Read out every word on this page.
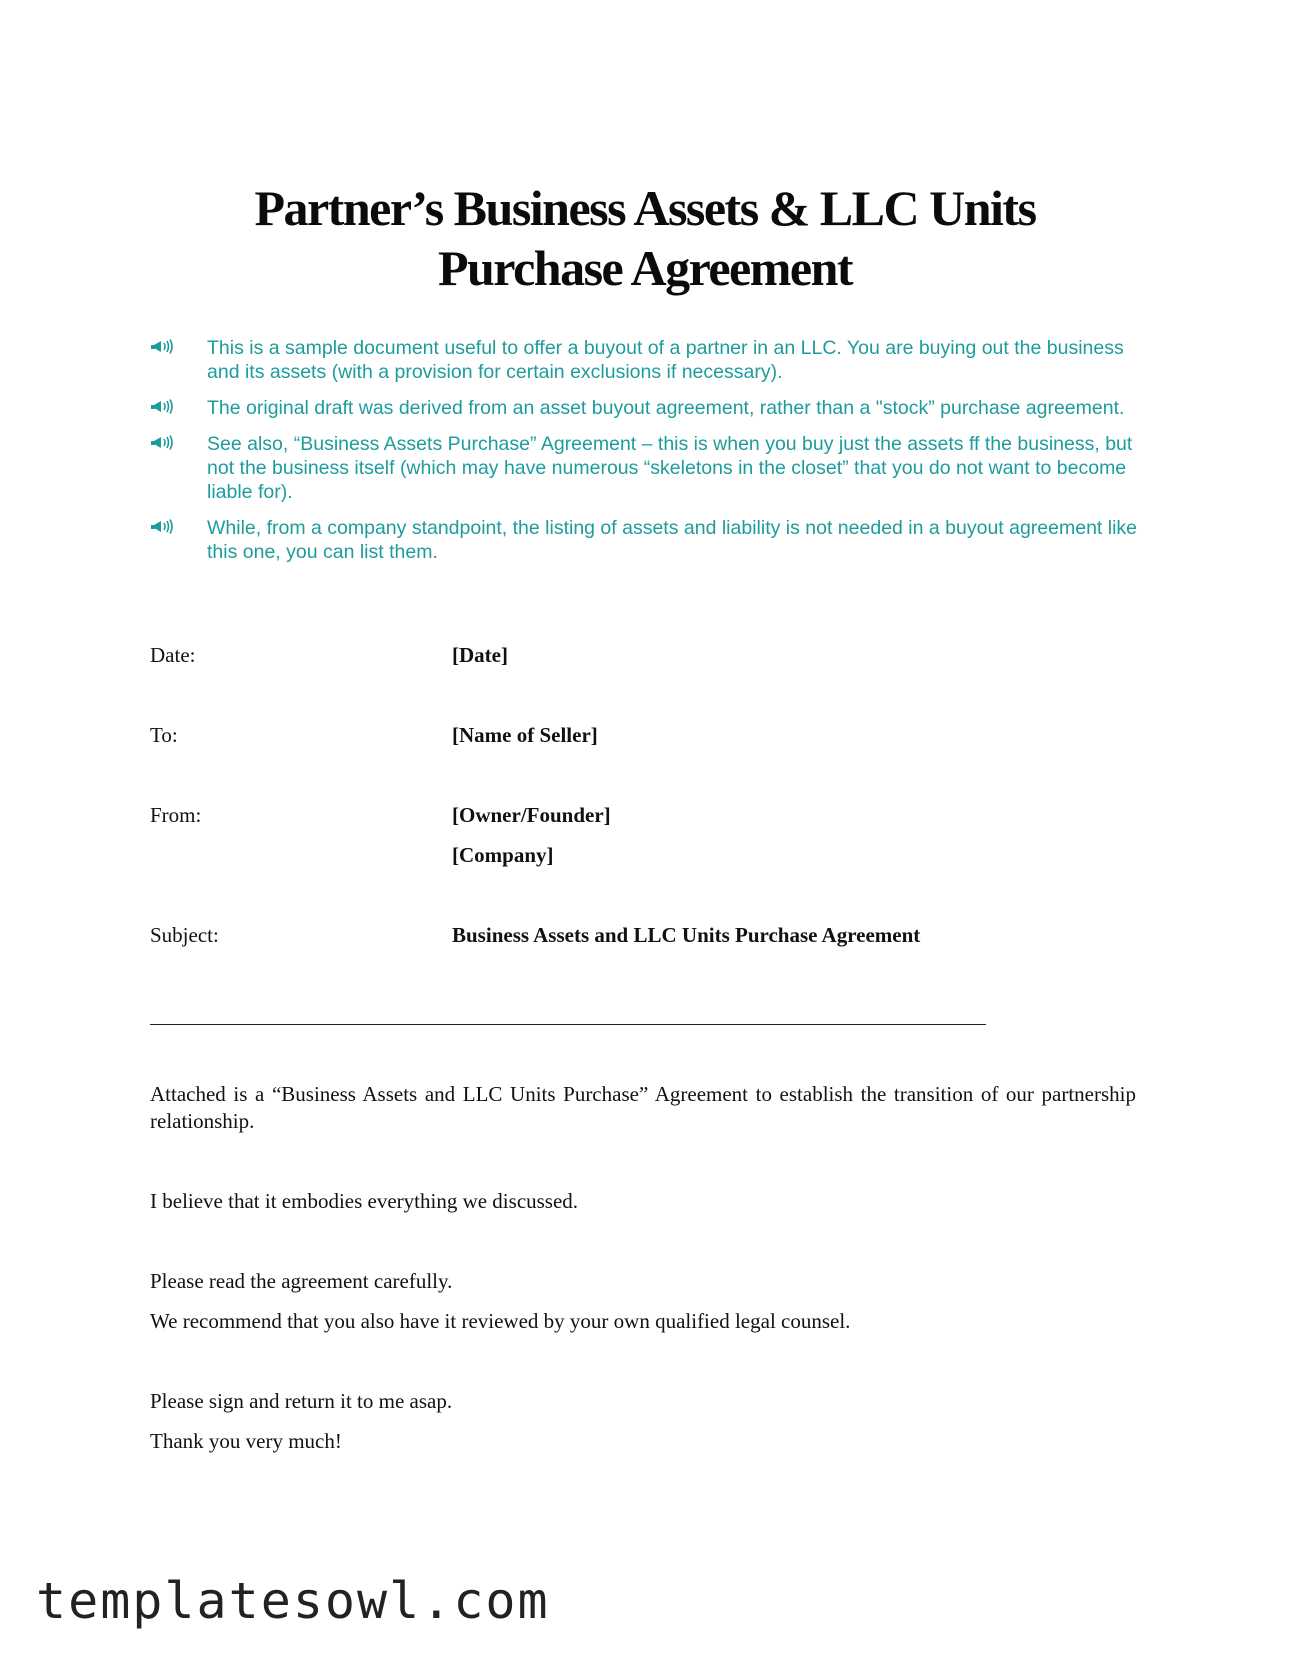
Partner’s Business Assets & LLC Units
Purchase Agreement
This is a sample document useful to offer a buyout of a partner in an LLC. You are buying out the business and its assets (with a provision for certain exclusions if necessary).
The original draft was derived from an asset buyout agreement, rather than a "stock” purchase agreement.
See also, “Business Assets Purchase” Agreement – this is when you buy just the assets ff the business, but not the business itself (which may have numerous “skeletons in the closet” that you do not want to become liable for).
While, from a company standpoint, the listing of assets and liability is not needed in a buyout agreement like this one, you can list them.
Date:	[Date]
To:	[Name of Seller]
From:	[Owner/Founder]
[Company]
Subject:	Business Assets and LLC Units Purchase Agreement
Attached is a “Business Assets and LLC Units Purchase” Agreement to establish the transition of our partnership relationship.
I believe that it embodies everything we discussed.
Please read the agreement carefully.
We recommend that you also have it reviewed by your own qualified legal counsel.
Please sign and return it to me asap.
Thank you very much!
templatesowl.com
